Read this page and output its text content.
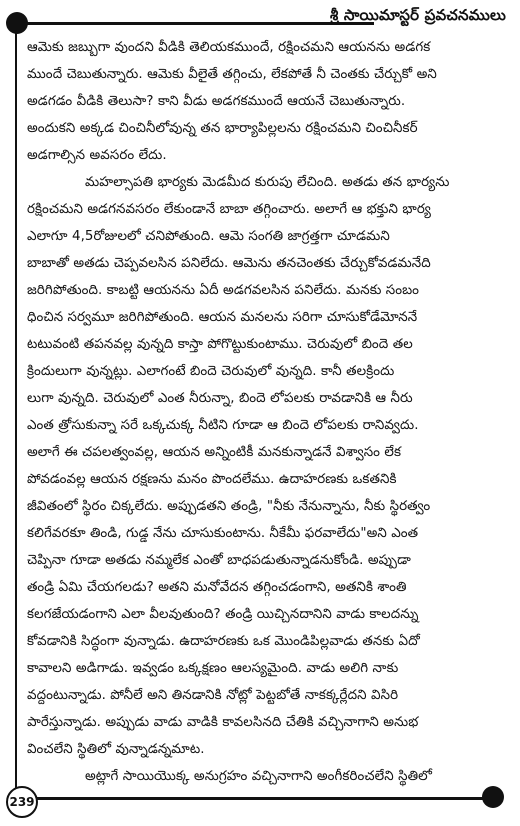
శ్రీ సాయిమాస్టర్ ప్రవచనములు
ఆమెకు జబ్బుగా వుందని వీడికి తెలియకముందే, రక్షించమని ఆయనను అడగక
ముందే చెబుతున్నారు. ఆమెకు వీలైతే తగ్గించు, లేకపోతే నీ చెంతకు చేర్చుకో అని
అడగడం వీడికి తెలుసా? కాని వీడు అడగకముందే ఆయనే చెబుతున్నారు.
అందుకని అక్కడ చించినీలోవున్న తన భార్యాపిల్లలను రక్షించమని చించినీకర్
అడగాల్సిన అవసరం లేదు.
మహల్సాపతి భార్యకు మెడమీద కురుపు లేచింది. అతడు తన భార్యను
రక్షించమని అడగనవసరం లేకుండానే బాబా తగ్గించారు. అలాగే ఆ భక్తుని భార్య
ఎలాగూ 4,5రోజులలో చనిపోతుంది. ఆమె సంగతి జాగ్రత్తగా చూడమని
బాబాతో అతడు చెప్పవలసిన పనిలేదు. ఆమెను తనచెంతకు చేర్చుకోవడమనేది
జరిగిపోతుంది. కాబట్టి ఆయనను ఏదీ అడగవలసిన పనిలేదు. మనకు సంబం
ధించిన సర్వమూ జరిగిపోతుంది. ఆయన మనలను సరిగా చూసుకోడేమోననే
టటువంటి తపనవల్ల వున్నది కాస్తా పోగొట్టుకుంటాము. చెరువులో బిందె తల
క్రిందులుగా వున్నట్లు. ఎలాగంటే బిందె చెరువులో వున్నది. కానీ తలక్రిందు
లుగా వున్నది. చెరువులో ఎంత నీరున్నా, బిందె లోపలకు రావడానికి ఆ నీరు
ఎంత త్రోసుకున్నా సరే ఒక్కచుక్క నీటిని గూడా ఆ బిందె లోపలకు రానివ్వదు.
అలాగే ఈ చపలత్వంవల్ల, ఆయన అన్నింటికీ మనకున్నాడనే విశ్వాసం లేక
పోవడంవల్ల ఆయన రక్షణను మనం పొందలేము. ఉదాహరణకు ఒకతనికి
జీవితంలో స్థిరం చిక్కలేదు. అప్పుడతని తండ్రి, "నీకు నేనున్నాను, నీకు స్థిరత్వం
కలిగేవరకూ తిండి, గుడ్డ నేను చూసుకుంటాను. నీకేమీ ఫరవాలేదు"అని ఎంత
చెప్పినా గూడా అతడు నమ్మలేక ఎంతో బాధపడుతున్నాడనుకోండి. అప్పుడా
తండ్రి ఏమి చేయగలడు? అతని మనోవేదన తగ్గించడంగాని, అతనికి శాంతి
కలగజేయడంగాని ఎలా వీలవుతుంది? తండ్రి యిచ్చినదానిని వాడు కాలదన్ను
కోవడానికి సిద్ధంగా వున్నాడు. ఉదాహరణకు ఒక మొండిపిల్లవాడు తనకు ఏదో
కావాలని అడిగాడు. ఇవ్వడం ఒక్కక్షణం ఆలస్యమైంది. వాడు అలిగి నాకు
వద్దంటున్నాడు. పోనీలే అని తినడానికి నోట్లో పెట్టబోతే నాకక్కర్లేదని విసిరి
పారేస్తున్నాడు. అప్పుడు వాడు వాడికి కావలసినది చేతికి వచ్చినాగాని అనుభ
వించలేని స్థితిలో వున్నాడన్నమాట.
అట్లాగే సాయియొక్క అనుగ్రహం వచ్చినాగాని అంగీకరించలేని స్థితిలో
239
